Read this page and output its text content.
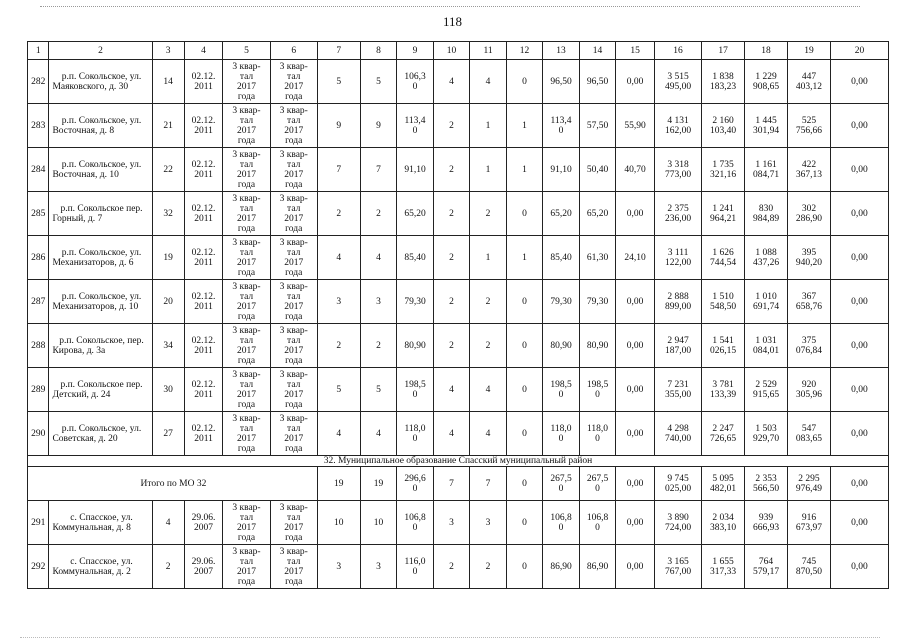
118
1	2	3	4	5	6	7	8	9	10	11	12	13	14	15	16	17	18	19	20
282	р.п. Сокольское, ул. Маяковского, д. 30	14	02.12.
2011	3 квар-
тал
2017
года	3 квар-
тал
2017
года	5	5	106,3
0	4	4	0	96,50	96,50	0,00	3 515
495,00	1 838
183,23	1 229
908,65	447
403,12	0,00
283	р.п. Сокольское, ул. Восточная, д. 8	21	02.12.
2011	3 квар-
тал
2017
года	3 квар-
тал
2017
года	9	9	113,4
0	2	1	1	113,4
0	57,50	55,90	4 131
162,00	2 160
103,40	1 445
301,94	525
756,66	0,00
284	р.п. Сокольское, ул. Восточная, д. 10	22	02.12.
2011	3 квар-
тал
2017
года	3 квар-
тал
2017
года	7	7	91,10	2	1	1	91,10	50,40	40,70	3 318
773,00	1 735
321,16	1 161
084,71	422
367,13	0,00
285	р.п. Сокольское пер. Горный, д. 7	32	02.12.
2011	3 квар-
тал
2017
года	3 квар-
тал
2017
года	2	2	65,20	2	2	0	65,20	65,20	0,00	2 375
236,00	1 241
964,21	830
984,89	302
286,90	0,00
286	р.п. Сокольское, ул. Механизаторов, д. 6	19	02.12.
2011	3 квар-
тал
2017
года	3 квар-
тал
2017
года	4	4	85,40	2	1	1	85,40	61,30	24,10	3 111
122,00	1 626
744,54	1 088
437,26	395
940,20	0,00
287	р.п. Сокольское, ул. Механизаторов, д. 10	20	02.12.
2011	3 квар-
тал
2017
года	3 квар-
тал
2017
года	3	3	79,30	2	2	0	79,30	79,30	0,00	2 888
899,00	1 510
548,50	1 010
691,74	367
658,76	0,00
288	р.п. Сокольское, пер. Кирова, д. 3а	34	02.12.
2011	3 квар-
тал
2017
года	3 квар-
тал
2017
года	2	2	80,90	2	2	0	80,90	80,90	0,00	2 947
187,00	1 541
026,15	1 031
084,01	375
076,84	0,00
289	р.п. Сокольское пер. Детский, д. 24	30	02.12.
2011	3 квар-
тал
2017
года	3 квар-
тал
2017
года	5	5	198,5
0	4	4	0	198,5
0	198,5
0	0,00	7 231
355,00	3 781
133,39	2 529
915,65	920
305,96	0,00
290	р.п. Сокольское, ул. Советская, д. 20	27	02.12.
2011	3 квар-
тал
2017
года	3 квар-
тал
2017
года	4	4	118,0
0	4	4	0	118,0
0	118,0
0	0,00	4 298
740,00	2 247
726,65	1 503
929,70	547
083,65	0,00
32. Муниципальное образование Спасский муниципальный район																			
Итого по МО 32						19	19	296,6
0	7	7	0	267,5
0	267,5
0	0,00	9 745
025,00	5 095
482,01	2 353
566,50	2 295
976,49	0,00
291	с. Спасское, ул. Коммунальная, д. 8	4	29.06.
2007	3 квар-
тал
2017
года	3 квар-
тал
2017
года	10	10	106,8
0	3	3	0	106,8
0	106,8
0	0,00	3 890
724,00	2 034
383,10	939
666,93	916
673,97	0,00
292	с. Спасское, ул. Коммунальная, д. 2	2	29.06.
2007	3 квар-
тал
2017
года	3 квар-
тал
2017
года	3	3	116,0
0	2	2	0	86,90	86,90	0,00	3 165
767,00	1 655
317,33	764
579,17	745
870,50	0,00
